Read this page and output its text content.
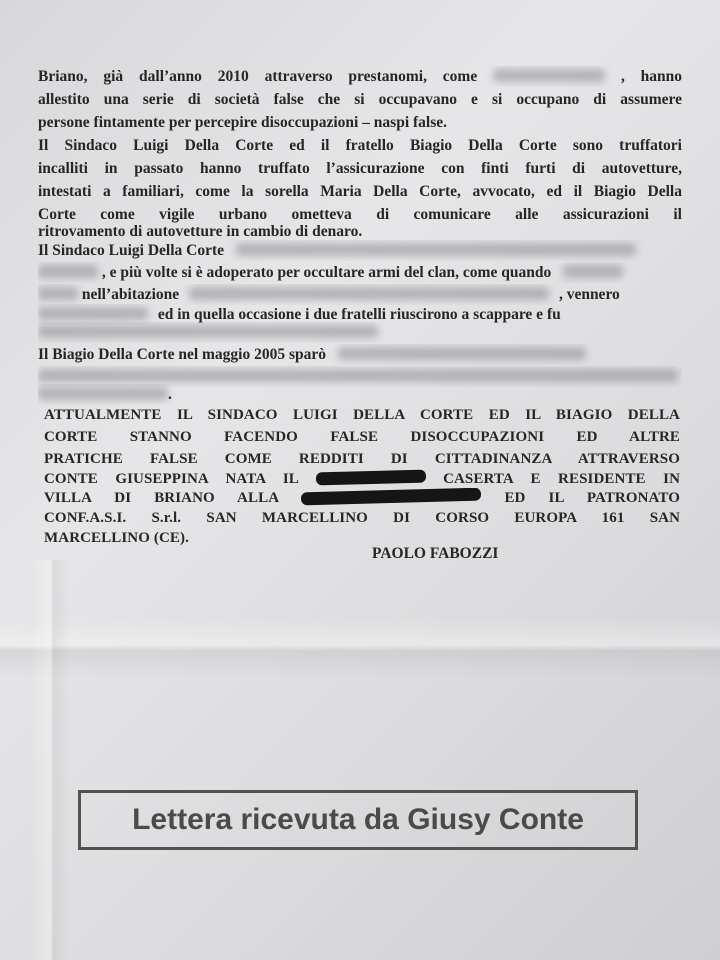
Briano, già dall’anno 2010 attraverso prestanomi, come	, hanno
allestito una serie di società false che si occupavano e si occupano di assumere
persone fintamente per percepire disoccupazioni – naspi false.
Il Sindaco Luigi Della Corte ed il fratello Biagio Della Corte sono truffatori
incalliti in passato hanno truffato l’assicurazione con finti furti di autovetture,
intestati a familiari, come la sorella Maria Della Corte, avvocato, ed il Biagio Della
Corte come vigile urbano ometteva di comunicare alle assicurazioni il
ritrovamento di autovetture in cambio di denaro.
Il Sindaco Luigi Della Corte
, e più volte si è adoperato per occultare armi del clan, come quando
nell’abitazione	, vennero
ed in quella occasione i due fratelli riuscirono a scappare e fu
Il Biagio Della Corte nel maggio 2005 sparò
.
ATTUALMENTE IL SINDACO LUIGI DELLA CORTE ED IL BIAGIO DELLA
CORTE STANNO FACENDO FALSE DISOCCUPAZIONI ED ALTRE
PRATICHE FALSE COME REDDITI DI CITTADINANZA ATTRAVERSO
CONTE GIUSEPPINA NATA IL	CASERTA E RESIDENTE IN
VILLA DI BRIANO ALLA	ED IL PATRONATO
CONF.A.S.I. S.r.l. SAN MARCELLINO DI CORSO EUROPA 161 SAN
MARCELLINO (CE).
PAOLO FABOZZI
Lettera ricevuta da Giusy Conte
